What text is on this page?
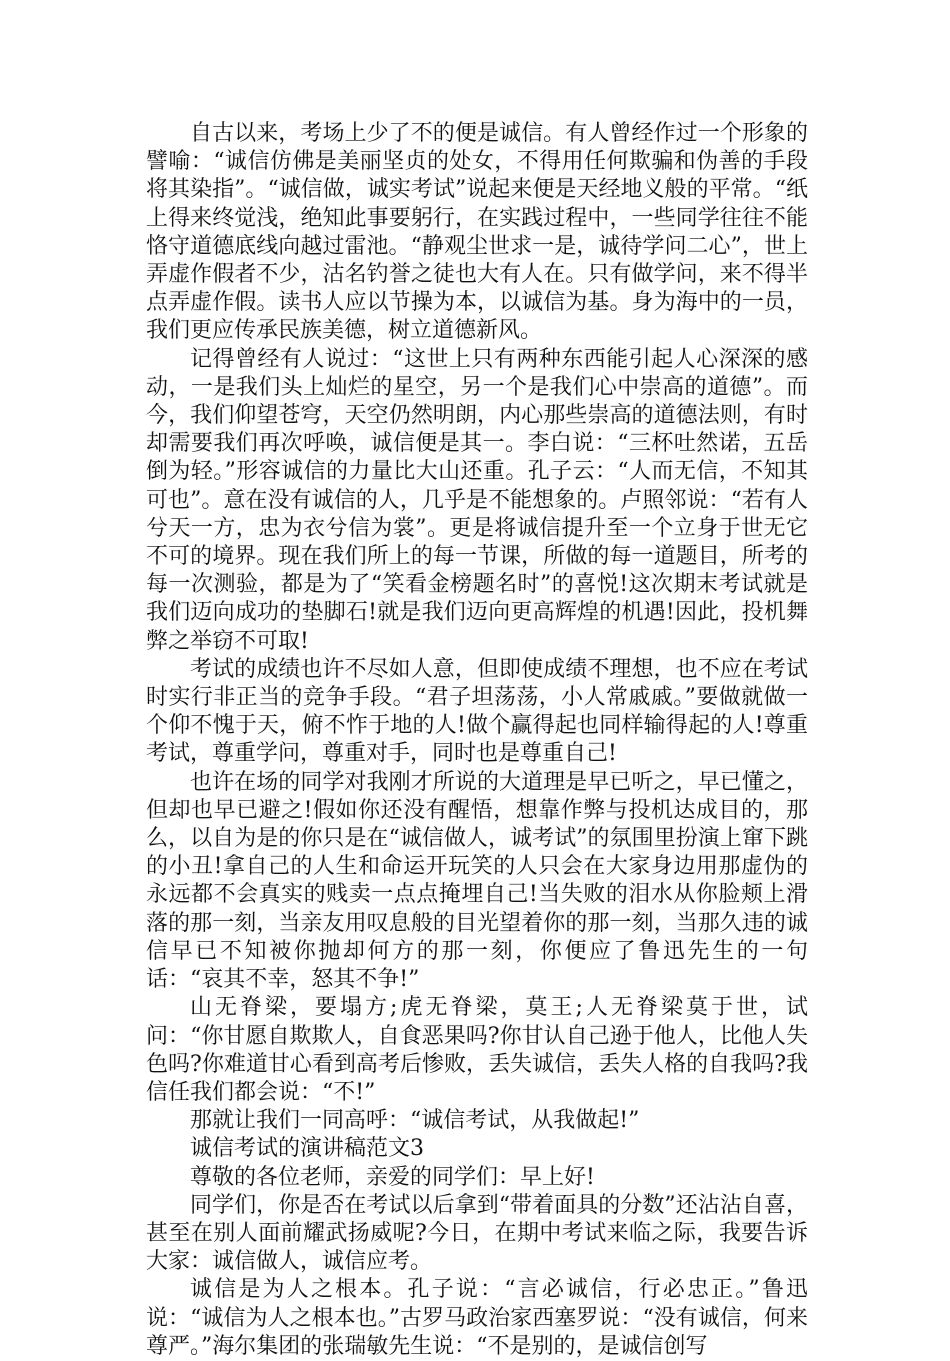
自古以来，考场上少了不的便是诚信。有人曾经作过一个形象的譬喻：“诚信仿佛是美丽坚贞的处女，不得用任何欺骗和伪善的手段将其染指”。“诚信做，诚实考试”说起来便是天经地义般的平常。“纸上得来终觉浅，绝知此事要躬行，在实践过程中，一些同学往往不能恪守道德底线向越过雷池。“静观尘世求一是，诚待学问二心”，世上弄虚作假者不少，沽名钓誉之徒也大有人在。只有做学问，来不得半点弄虚作假。读书人应以节操为本，以诚信为基。身为海中的一员，我们更应传承民族美德，树立道德新风。

记得曾经有人说过：“这世上只有两种东西能引起人心深深的感动，一是我们头上灿烂的星空，另一个是我们心中崇高的道德”。而今，我们仰望苍穹，天空仍然明朗，内心那些崇高的道德法则，有时却需要我们再次呼唤，诚信便是其一。李白说：“三杯吐然诺，五岳倒为轻。”形容诚信的力量比大山还重。孔子云：“人而无信，不知其可也”。意在没有诚信的人，几乎是不能想象的。卢照邻说：“若有人兮天一方，忠为衣兮信为裳”。更是将诚信提升至一个立身于世无它不可的境界。现在我们所上的每一节课，所做的每一道题目，所考的每一次测验，都是为了“笑看金榜题名时”的喜悦!这次期末考试就是我们迈向成功的垫脚石!就是我们迈向更高辉煌的机遇!因此，投机舞弊之举窃不可取!

考试的成绩也许不尽如人意，但即使成绩不理想，也不应在考试时实行非正当的竞争手段。“君子坦荡荡，小人常戚戚。”要做就做一个仰不愧于天，俯不怍于地的人!做个赢得起也同样输得起的人!尊重考试，尊重学问，尊重对手，同时也是尊重自己!

也许在场的同学对我刚才所说的大道理是早已听之，早已懂之，但却也早已避之!假如你还没有醒悟，想靠作弊与投机达成目的，那么，以自为是的你只是在“诚信做人，诚考试”的氛围里扮演上窜下跳的小丑!拿自己的人生和命运开玩笑的人只会在大家身边用那虚伪的永远都不会真实的贱卖一点点掩埋自己!当失败的泪水从你脸颊上滑落的那一刻，当亲友用叹息般的目光望着你的那一刻，当那久违的诚信早已不知被你抛却何方的那一刻，你便应了鲁迅先生的一句话：“哀其不幸，怒其不争!”

山无脊梁，要塌方;虎无脊梁，莫王;人无脊梁莫于世，试问：“你甘愿自欺欺人，自食恶果吗?你甘认自己逊于他人，比他人失色吗?你难道甘心看到高考后惨败，丢失诚信，丢失人格的自我吗?我信任我们都会说：“不!”

那就让我们一同高呼：“诚信考试，从我做起!”

诚信考试的演讲稿范文3

尊敬的各位老师，亲爱的同学们：早上好!

同学们，你是否在考试以后拿到“带着面具的分数”还沾沾自喜，甚至在别人面前耀武扬威呢?今日，在期中考试来临之际，我要告诉大家：诚信做人，诚信应考。

诚信是为人之根本。孔子说：“言必诚信，行必忠正。”鲁迅说：“诚信为人之根本也。”古罗马政治家西塞罗说：“没有诚信，何来尊严。”海尔集团的张瑞敏先生说：“不是别的，是诚信创写
